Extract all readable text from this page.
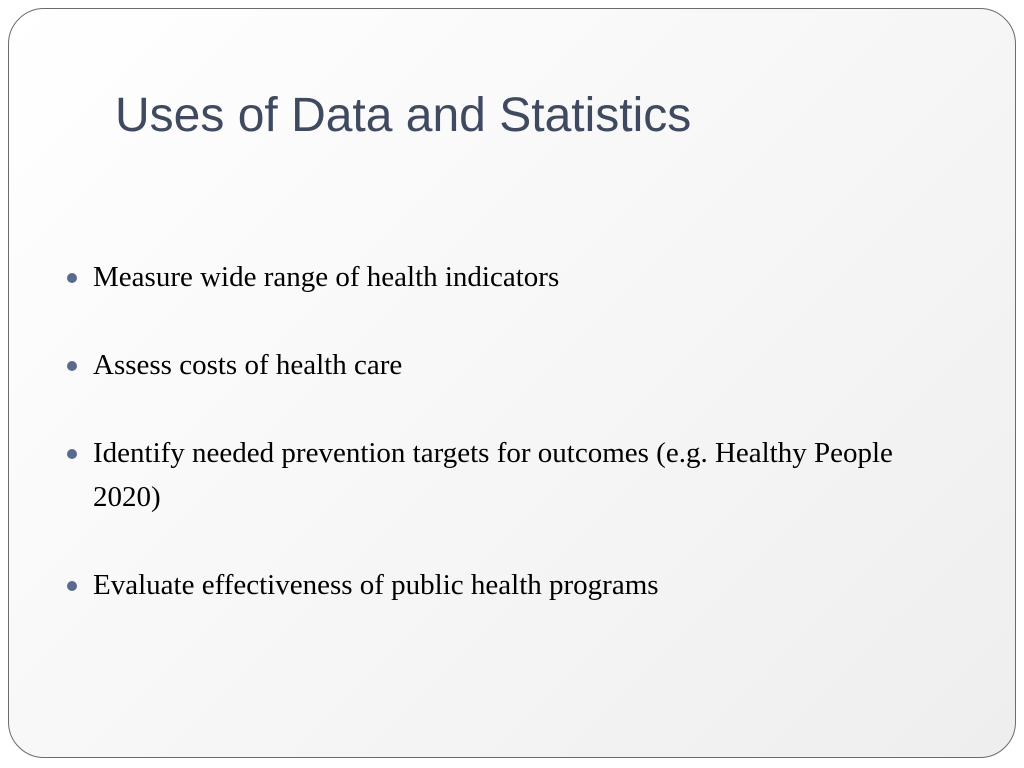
Uses of Data and Statistics
Measure wide range of health indicators
Assess costs of health care
Identify needed prevention targets for outcomes (e.g. Healthy People 2020)
Evaluate effectiveness of public health programs
